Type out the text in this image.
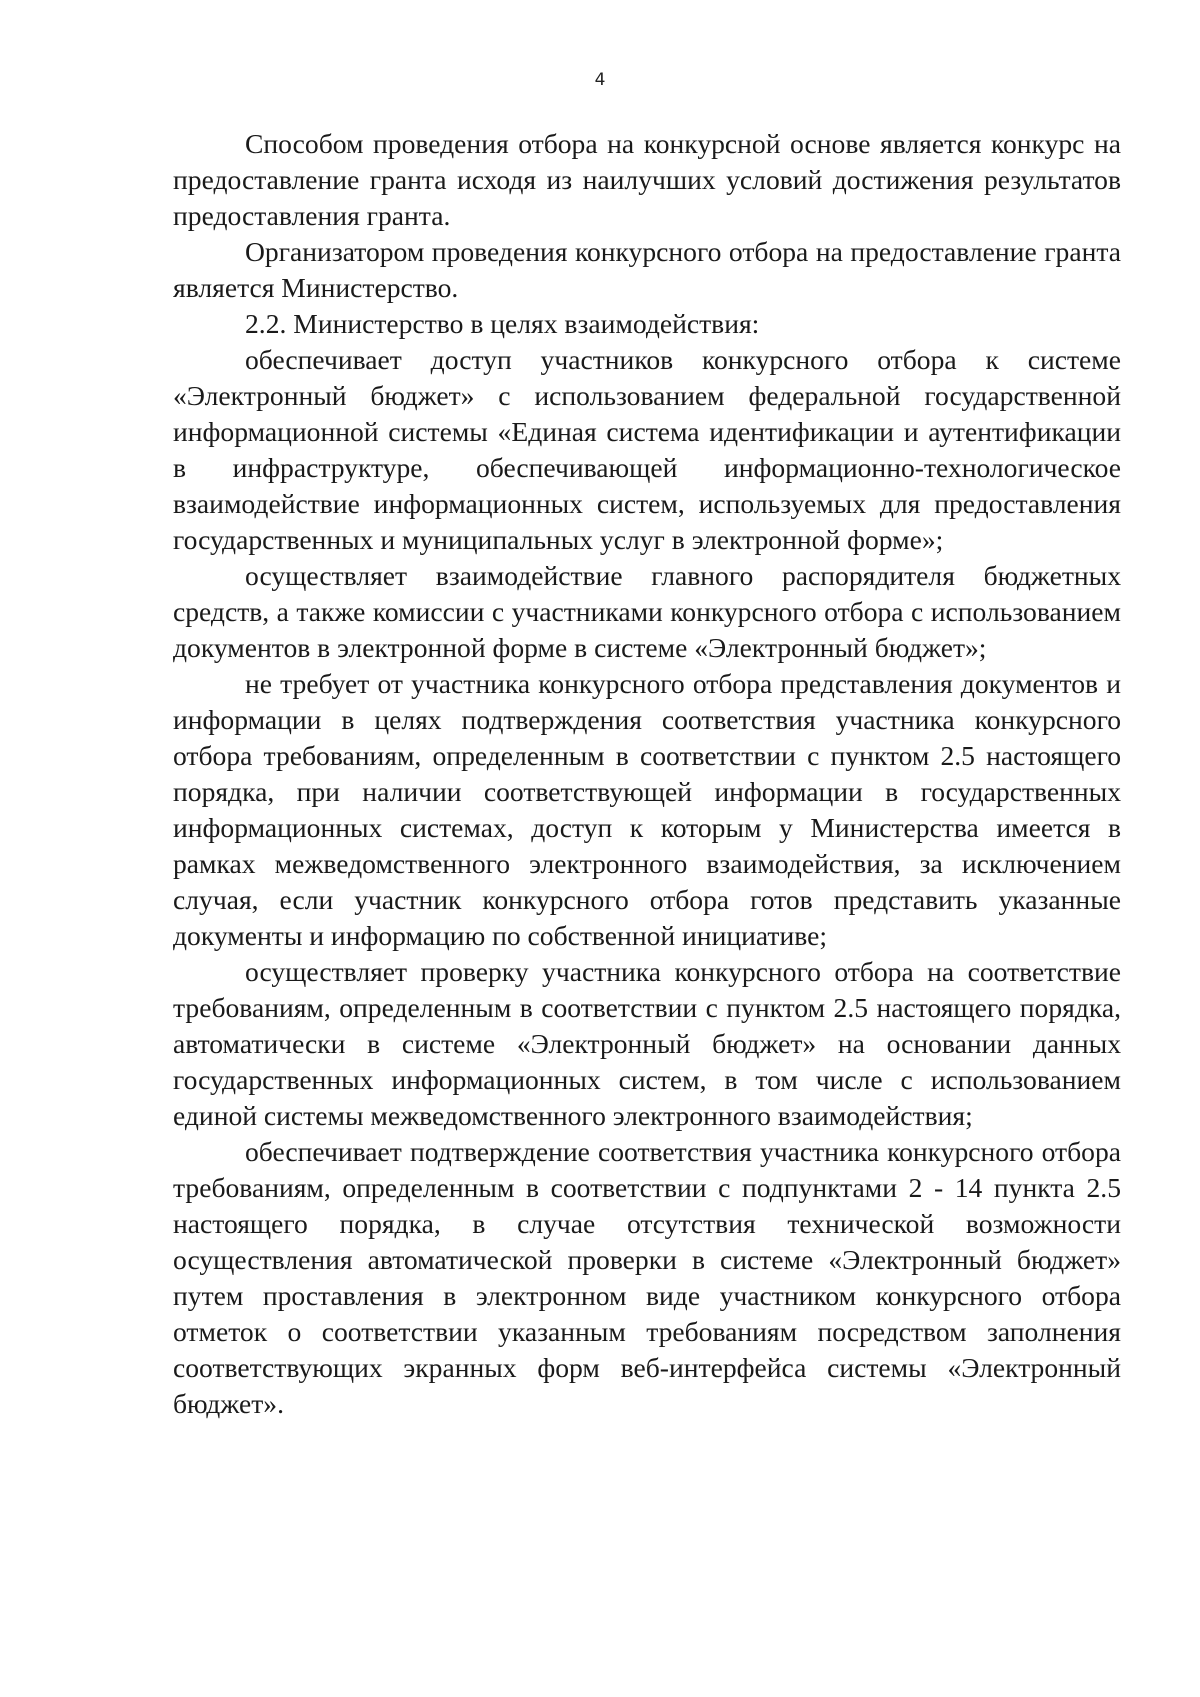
4

Способом проведения отбора на конкурсной основе является конкурс на предоставление гранта исходя из наилучших условий достижения результатов предоставления гранта.

Организатором проведения конкурсного отбора на предоставление гранта является Министерство.

2.2. Министерство в целях взаимодействия:

обеспечивает доступ участников конкурсного отбора к системе «Электронный бюджет» с использованием федеральной государственной информационной системы «Единая система идентификации и аутентификации в инфраструктуре, обеспечивающей информационно-технологическое взаимодействие информационных систем, используемых для предоставления государственных и муниципальных услуг в электронной форме»;

осуществляет взаимодействие главного распорядителя бюджетных средств, а также комиссии с участниками конкурсного отбора с использованием документов в электронной форме в системе «Электронный бюджет»;

не требует от участника конкурсного отбора представления документов и информации в целях подтверждения соответствия участника конкурсного отбора требованиям, определенным в соответствии с пунктом 2.5 настоящего порядка, при наличии соответствующей информации в государственных информационных системах, доступ к которым у Министерства имеется в рамках межведомственного электронного взаимодействия, за исключением случая, если участник конкурсного отбора готов представить указанные документы и информацию по собственной инициативе;

осуществляет проверку участника конкурсного отбора на соответствие требованиям, определенным в соответствии с пунктом 2.5 настоящего порядка, автоматически в системе «Электронный бюджет» на основании данных государственных информационных систем, в том числе с использованием единой системы межведомственного электронного взаимодействия;

обеспечивает подтверждение соответствия участника конкурсного отбора требованиям, определенным в соответствии с подпунктами 2 - 14 пункта 2.5 настоящего порядка, в случае отсутствия технической возможности осуществления автоматической проверки в системе «Электронный бюджет» путем проставления в электронном виде участником конкурсного отбора отметок о соответствии указанным требованиям посредством заполнения соответствующих экранных форм веб-интерфейса системы «Электронный бюджет».
